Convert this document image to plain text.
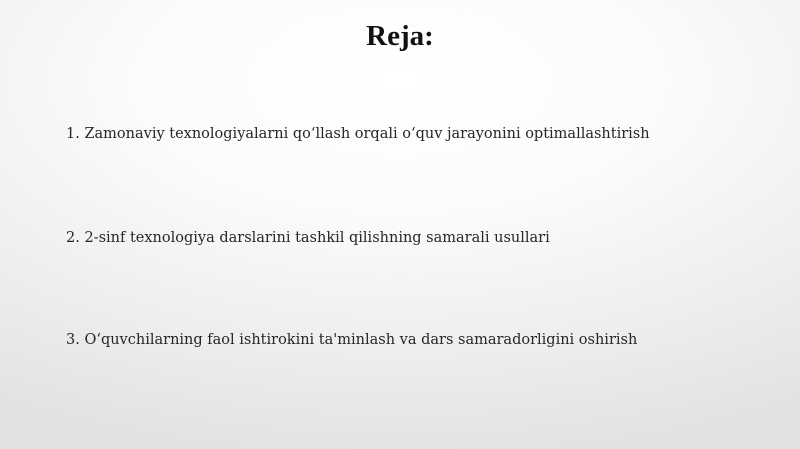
Reja:
1. Zamonaviy texnologiyalarni qo‘llash orqali o‘quv jarayonini optimallashtirish
2. 2-sinf texnologiya darslarini tashkil qilishning samarali usullari
3. O‘quvchilarning faol ishtirokini ta'minlash va dars samaradorligini oshirish
